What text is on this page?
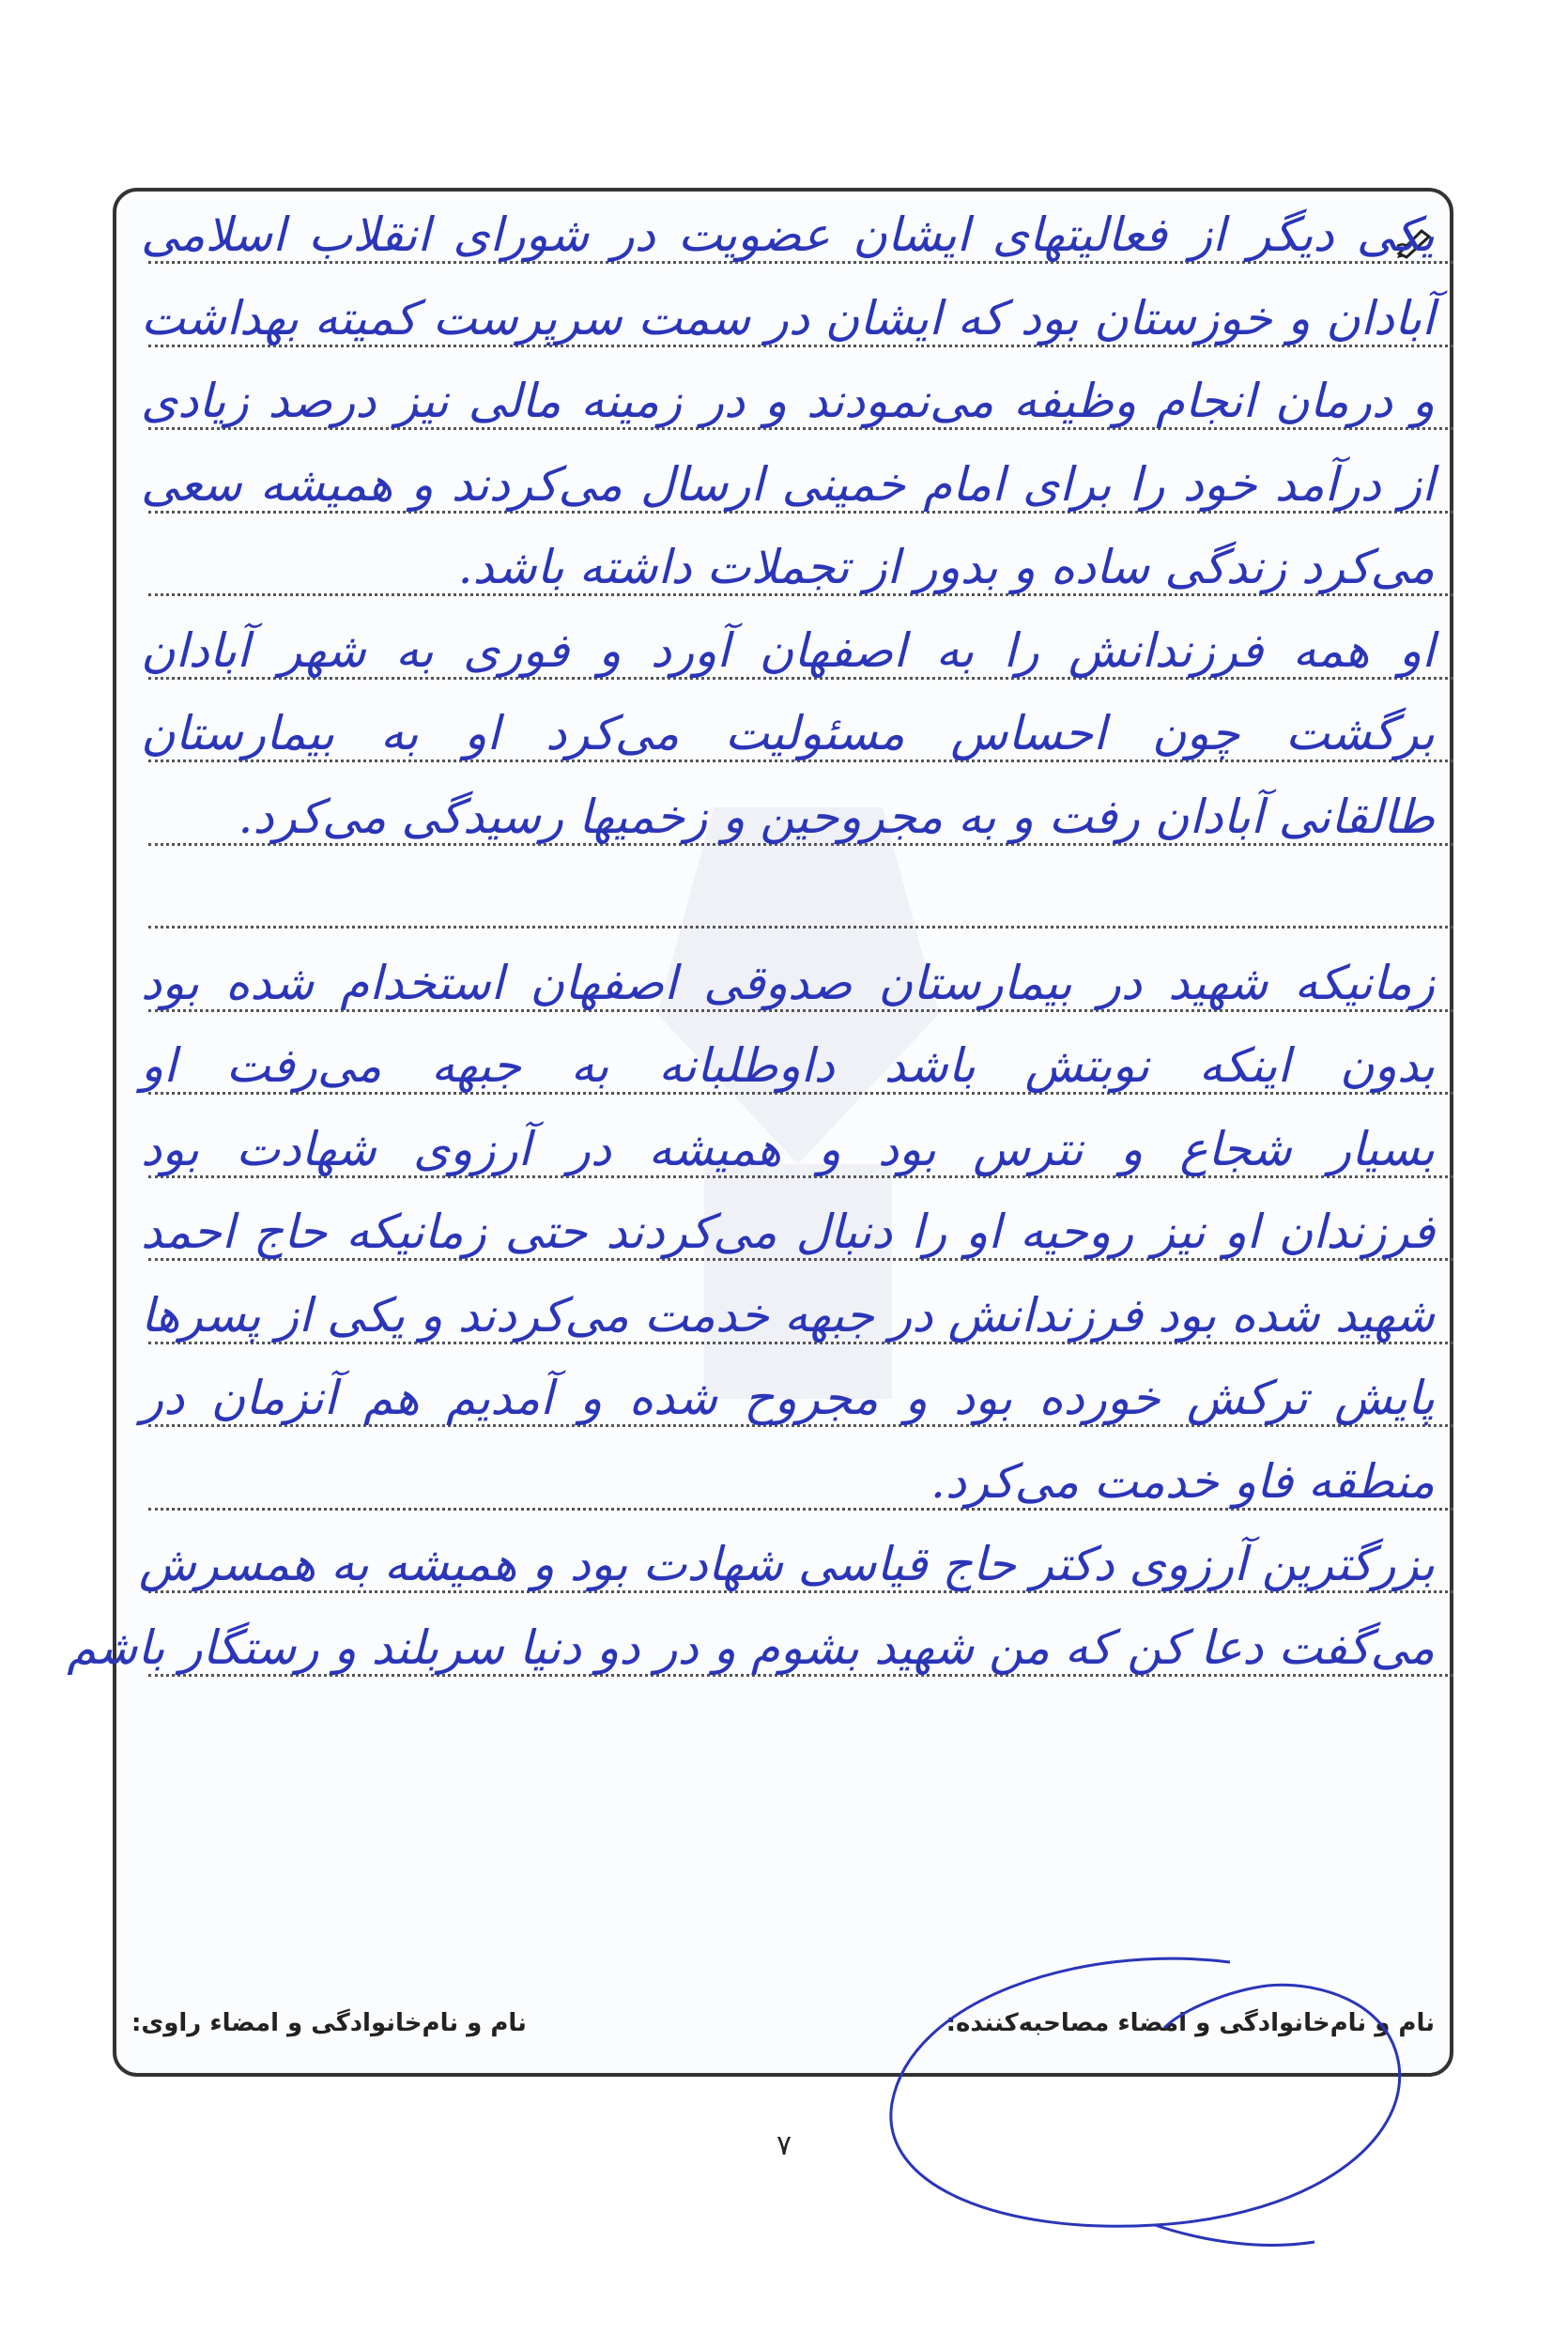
یکی دیگر از فعالیتهای ایشان عضویت در شورای انقلاب اسلامی
آبادان و خوزستان بود که ایشان در سمت سرپرست کمیته بهداشت
و درمان انجام وظیفه می‌نمودند و در زمینه مالی نیز درصد زیادی
از درآمد خود را برای امام خمینی ارسال می‌کردند و همیشه سعی
می‌کرد زندگی ساده و بدور از تجملات داشته باشد.
او همه فرزندانش را به اصفهان آورد و فوری به شهر آبادان
برگشت چون احساس مسئولیت می‌کرد او به بیمارستان
طالقانی آبادان رفت و به مجروحین و زخمیها رسیدگی می‌کرد.
زمانیکه شهید در بیمارستان صدوقی اصفهان استخدام شده بود
بدون اینکه نوبتش باشد داوطلبانه به جبهه می‌رفت او
بسیار شجاع و نترس بود و همیشه در آرزوی شهادت بود
فرزندان او نیز روحیه او را دنبال می‌کردند حتی زمانیکه حاج احمد
شهید شده بود فرزندانش در جبهه خدمت می‌کردند و یکی از پسرها
پایش ترکش خورده بود و مجروح شده و آمدیم هم آنزمان در
منطقه فاو خدمت می‌کرد.
بزرگترین آرزوی دکتر حاج قیاسی شهادت بود و همیشه به همسرش
می‌گفت دعا کن که من شهید بشوم و در دو دنیا سربلند و رستگار باشم
نام و نام‌خانوادگی و امضاء مصاحبه‌کننده:
نام و نام‌خانوادگی و امضاء راوی:
۷
